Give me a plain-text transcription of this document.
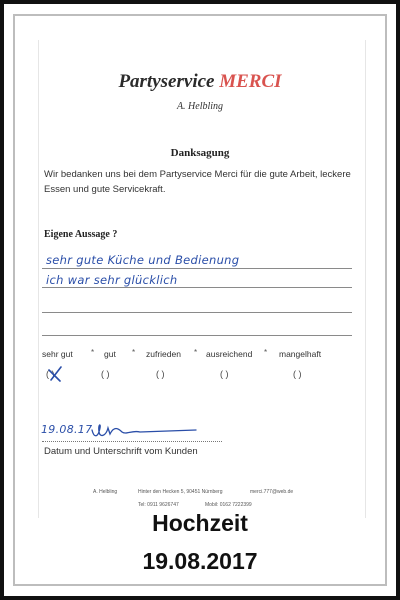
Partyservice MERCI
A. Helbling
Danksagung
Wir bedanken uns bei dem Partyservice Merci für die gute Arbeit, leckere Essen und gute Servicekraft.
Eigene Aussage ?
sehr gute Küche und Bedienung
ich war sehr glücklich
sehr gut * gut * zufrieden * ausreichend * mangelhaft
( )	( )	( )	( )	( )
19.08.17
Datum und Unterschrift vom Kunden
A. Helbling	Hinter den Hecken 5, 90451 Nürnberg	merci.777@web.de
Tel: 0911 9626747	Mobil: 0162 7222399
Hochzeit
19.08.2017
